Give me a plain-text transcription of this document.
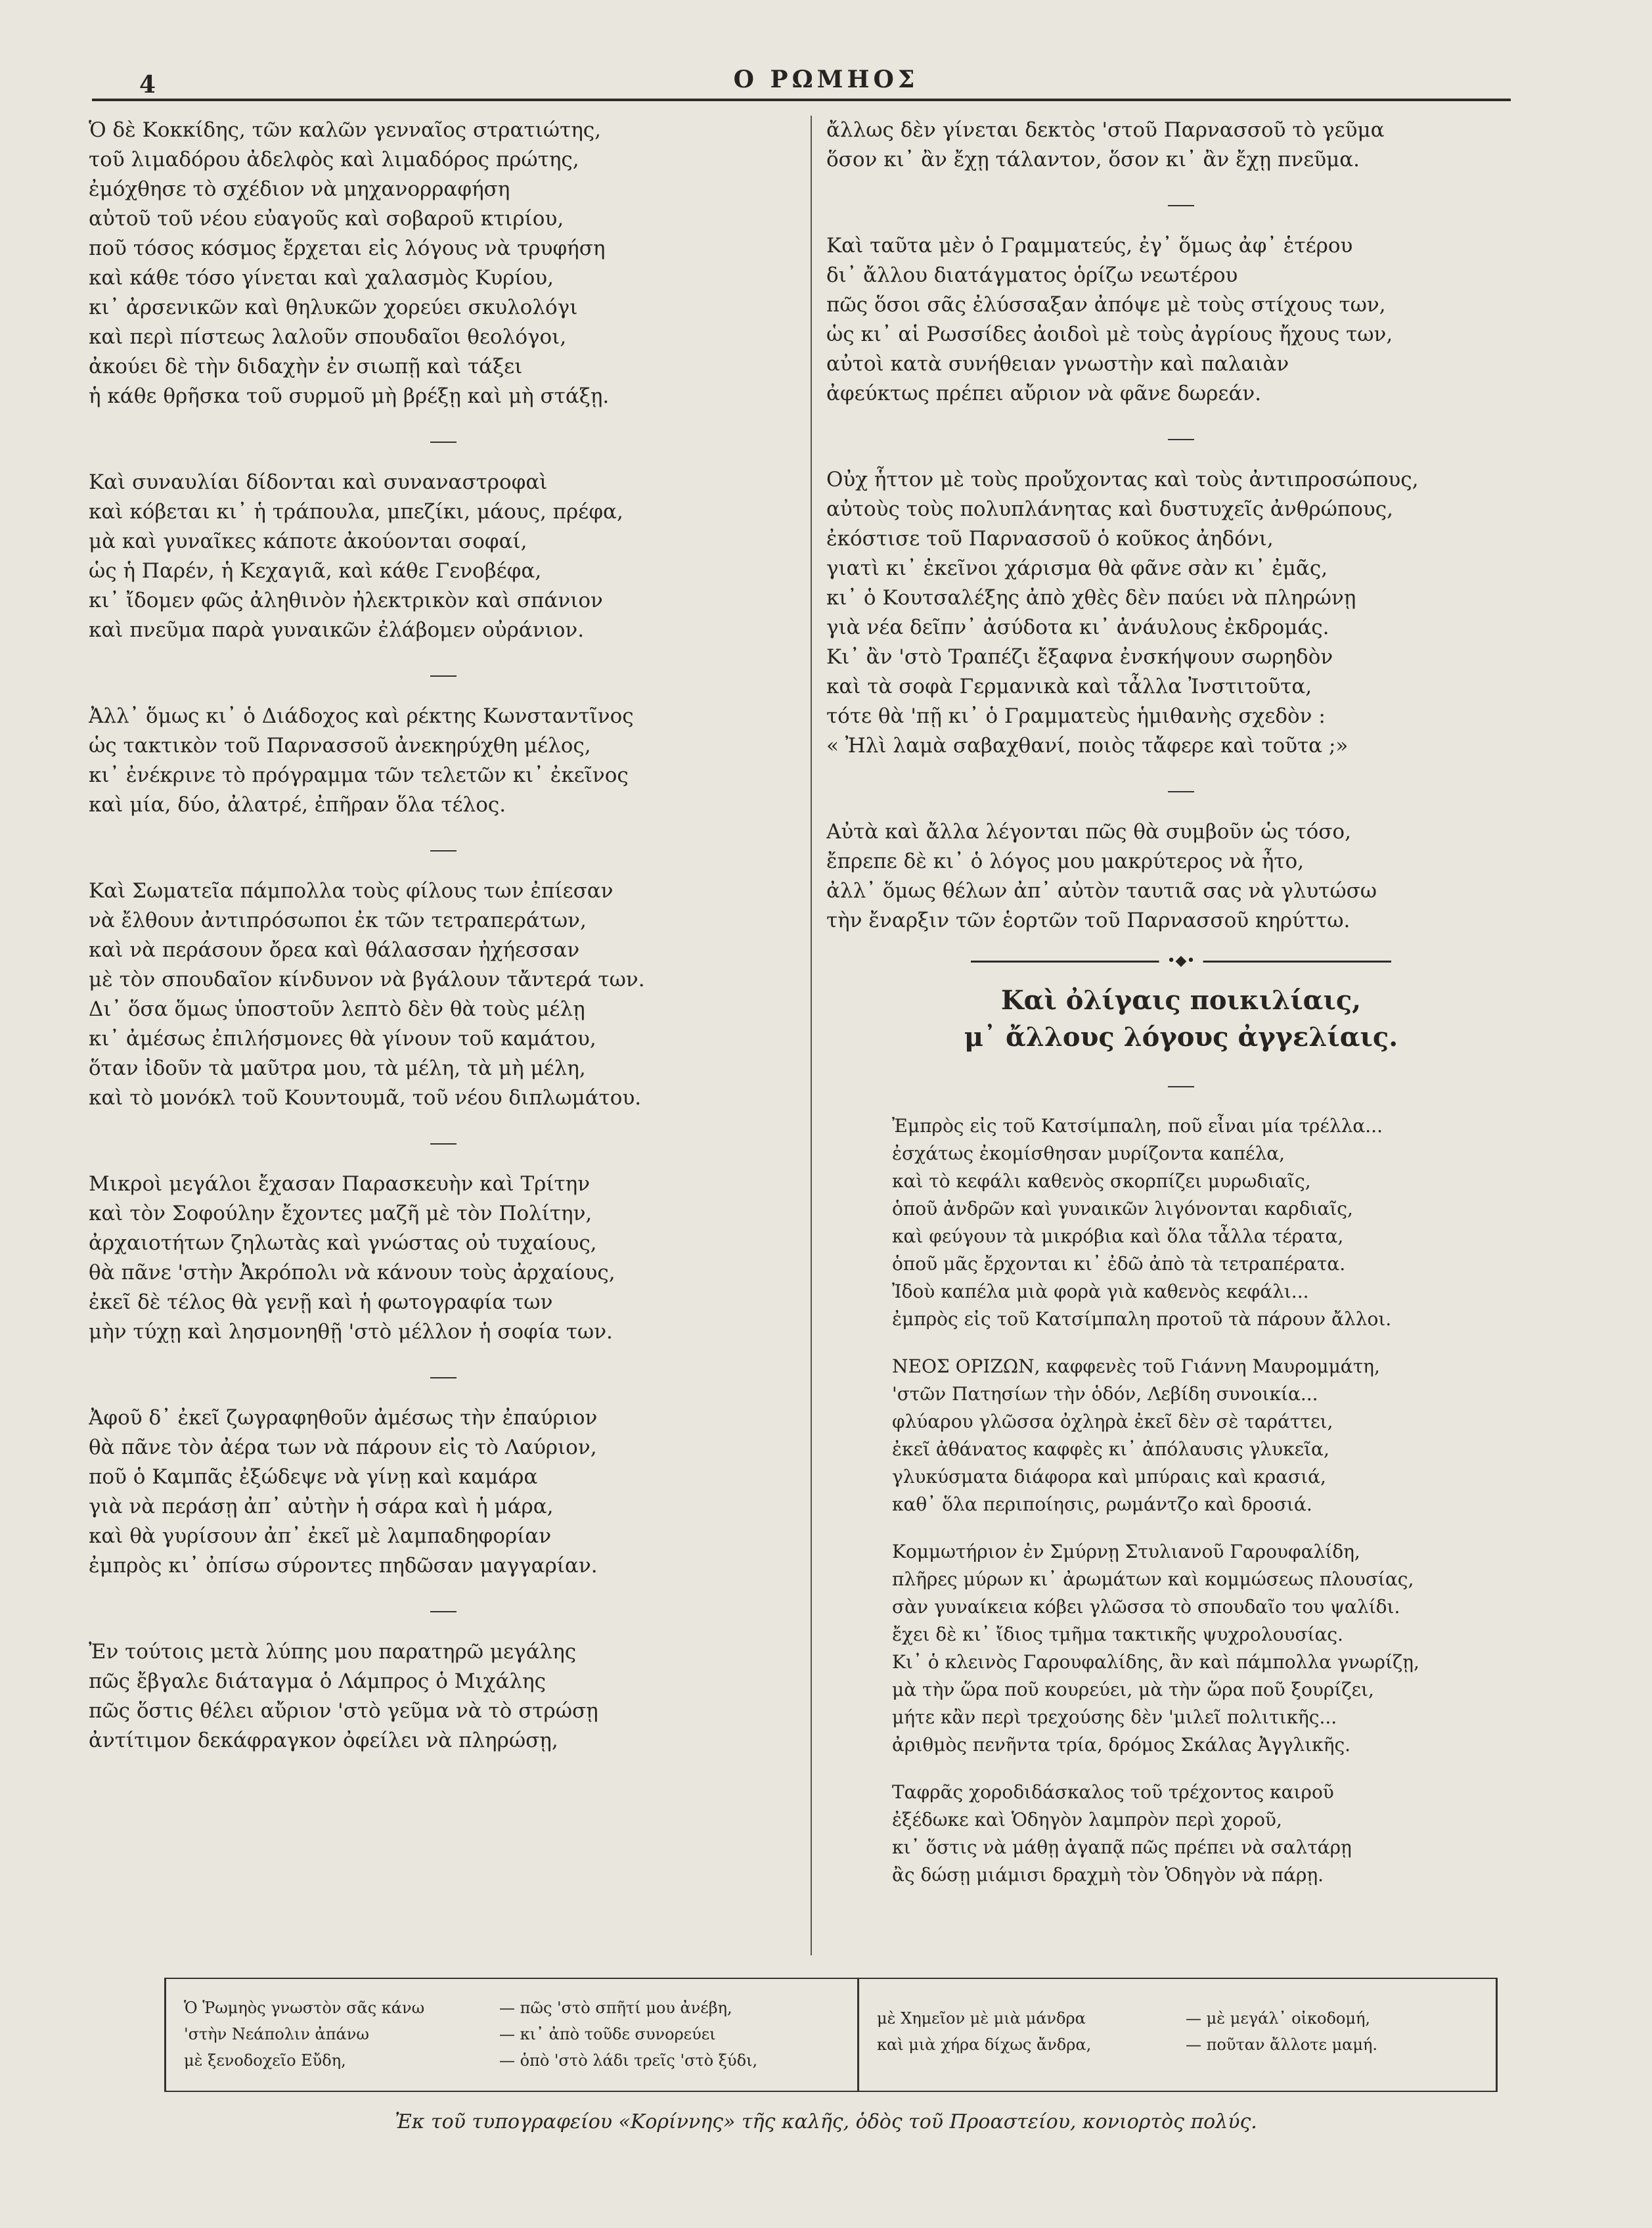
4	Ο ΡΩΜΗΟΣ
Ὁ δὲ Κοκκίδης, τῶν καλῶν γενναῖος στρατιώτης,
τοῦ λιμαδόρου ἀδελφὸς καὶ λιμαδόρος πρώτης,
ἐμόχθησε τὸ σχέδιον νὰ μηχανορραφήση
αὐτοῦ τοῦ νέου εὐαγοῦς καὶ σοβαροῦ κτιρίου,
ποῦ τόσος κόσμος ἔρχεται εἰς λόγους νὰ τρυφήση
καὶ κάθε τόσο γίνεται καὶ χαλασμὸς Κυρίου,
κι᾽ ἀρσενικῶν καὶ θηλυκῶν χορεύει σκυλολόγι
καὶ περὶ πίστεως λαλοῦν σπουδαῖοι θεολόγοι,
ἀκούει δὲ τὴν διδαχὴν ἐν σιωπῇ καὶ τάξει
ἡ κάθε θρῆσκα τοῦ συρμοῦ μὴ βρέξῃ καὶ μὴ στάξῃ.
Καὶ συναυλίαι δίδονται καὶ συναναστροφαὶ
καὶ κόβεται κι᾽ ἡ τράπουλα, μπεζίκι, μάους, πρέφα,
μὰ καὶ γυναῖκες κάποτε ἀκούονται σοφαί,
ὡς ἡ Παρέν, ἡ Κεχαγιᾶ, καὶ κάθε Γενοβέφα,
κι᾽ ἴδομεν φῶς ἀληθινὸν ἠλεκτρικὸν καὶ σπάνιον
καὶ πνεῦμα παρὰ γυναικῶν ἐλάβομεν οὐράνιον.
Ἀλλ᾽ ὅμως κι᾽ ὁ Διάδοχος καὶ ρέκτης Κωνσταντῖνος
ὡς τακτικὸν τοῦ Παρνασσοῦ ἀνεκηρύχθη μέλος,
κι᾽ ἐνέκρινε τὸ πρόγραμμα τῶν τελετῶν κι᾽ ἐκεῖνος
καὶ μία, δύο, ἀλατρέ, ἐπῆραν ὅλα τέλος.
Καὶ Σωματεῖα πάμπολλα τοὺς φίλους των ἐπίεσαν
νὰ ἔλθουν ἀντιπρόσωποι ἐκ τῶν τετραπεράτων,
καὶ νὰ περάσουν ὄρεα καὶ θάλασσαν ἠχήεσσαν
μὲ τὸν σπουδαῖον κίνδυνον νὰ βγάλουν τἄντερά των.
Δι᾽ ὅσα ὅμως ὑποστοῦν λεπτὸ δὲν θὰ τοὺς μέλῃ
κι᾽ ἀμέσως ἐπιλήσμονες θὰ γίνουν τοῦ καμάτου,
ὅταν ἰδοῦν τὰ μαῦτρα μου, τὰ μέλη, τὰ μὴ μέλη,
καὶ τὸ μονόκλ τοῦ Κουντουμᾶ, τοῦ νέου διπλωμάτου.
Μικροὶ μεγάλοι ἔχασαν Παρασκευὴν καὶ Τρίτην
καὶ τὸν Σοφούλην ἔχοντες μαζῆ μὲ τὸν Πολίτην,
ἀρχαιοτήτων ζηλωτὰς καὶ γνώστας οὐ τυχαίους,
θὰ πᾶνε 'στὴν Ἀκρόπολι νὰ κάνουν τοὺς ἀρχαίους,
ἐκεῖ δὲ τέλος θὰ γενῇ καὶ ἡ φωτογραφία των
μὴν τύχῃ καὶ λησμονηθῇ 'στὸ μέλλον ἡ σοφία των.
Ἀφοῦ δ᾽ ἐκεῖ ζωγραφηθοῦν ἀμέσως τὴν ἐπαύριον
θὰ πᾶνε τὸν ἀέρα των νὰ πάρουν εἰς τὸ Λαύριον,
ποῦ ὁ Καμπᾶς ἐξώδεψε νὰ γίνῃ καὶ καμάρα
γιὰ νὰ περάσῃ ἀπ᾽ αὐτὴν ἡ σάρα καὶ ἡ μάρα,
καὶ θὰ γυρίσουν ἀπ᾽ ἐκεῖ μὲ λαμπαδηφορίαν
ἐμπρὸς κι᾽ ὀπίσω σύροντες πηδῶσαν μαγγαρίαν.
Ἐν τούτοις μετὰ λύπης μου παρατηρῶ μεγάλης
πῶς ἔβγαλε διάταγμα ὁ Λάμπρος ὁ Μιχάλης
πῶς ὅστις θέλει αὔριον 'στὸ γεῦμα νὰ τὸ στρώσῃ
ἀντίτιμον δεκάφραγκον ὀφείλει νὰ πληρώσῃ,
ἄλλως δὲν γίνεται δεκτὸς 'στοῦ Παρνασσοῦ τὸ γεῦμα
ὅσον κι᾽ ἂν ἔχῃ τάλαντον, ὅσον κι᾽ ἂν ἔχῃ πνεῦμα.
Καὶ ταῦτα μὲν ὁ Γραμματεύς, ἐγ᾽ ὅμως ἀφ᾽ ἑτέρου
δι᾽ ἄλλου διατάγματος ὁρίζω νεωτέρου
πῶς ὅσοι σᾶς ἐλύσσαξαν ἀπόψε μὲ τοὺς στίχους των,
ὡς κι᾽ αἱ Ρωσσίδες ἀοιδοὶ μὲ τοὺς ἀγρίους ἤχους των,
αὐτοὶ κατὰ συνήθειαν γνωστὴν καὶ παλαιὰν
ἀφεύκτως πρέπει αὔριον νὰ φᾶνε δωρεάν.
Οὐχ ἧττον μὲ τοὺς προὔχοντας καὶ τοὺς ἀντιπροσώπους,
αὐτοὺς τοὺς πολυπλάνητας καὶ δυστυχεῖς ἀνθρώπους,
ἐκόστισε τοῦ Παρνασσοῦ ὁ κοῦκος ἀηδόνι,
γιατὶ κι᾽ ἐκεῖνοι χάρισμα θὰ φᾶνε σὰν κι᾽ ἐμᾶς,
κι᾽ ὁ Κουτσαλέξης ἀπὸ χθὲς δὲν παύει νὰ πληρώνῃ
γιὰ νέα δεῖπν᾽ ἀσύδοτα κι᾽ ἀνάυλους ἐκδρομάς.
Κι᾽ ἂν 'στὸ Τραπέζι ἔξαφνα ἐνσκήψουν σωρηδὸν
καὶ τὰ σοφὰ Γερμανικὰ καὶ τἆλλα Ἰνστιτοῦτα,
τότε θὰ 'πῇ κι᾽ ὁ Γραμματεὺς ἡμιθανὴς σχεδὸν :
« Ἠλὶ λαμὰ σαβαχθανί, ποιὸς τἄφερε καὶ τοῦτα ;»
Αὐτὰ καὶ ἄλλα λέγονται πῶς θὰ συμβοῦν ὡς τόσο,
ἔπρεπε δὲ κι᾽ ὁ λόγος μου μακρύτερος νὰ ἦτο,
ἀλλ᾽ ὅμως θέλων ἀπ᾽ αὐτὸν ταυτιᾶ σας νὰ γλυτώσω
τὴν ἔναρξιν τῶν ἑορτῶν τοῦ Παρνασσοῦ κηρύττω.
•◆•
Καὶ ὀλίγαις ποικιλίαις,
μ᾽ ἄλλους λόγους ἀγγελίαις.
Ἐμπρὸς εἰς τοῦ Κατσίμπαλη, ποῦ εἶναι μία τρέλλα...
ἐσχάτως ἐκομίσθησαν μυρίζοντα καπέλα,
καὶ τὸ κεφάλι καθενὸς σκορπίζει μυρωδιαῖς,
ὁποῦ ἀνδρῶν καὶ γυναικῶν λιγόνονται καρδιαῖς,
καὶ φεύγουν τὰ μικρόβια καὶ ὅλα τἆλλα τέρατα,
ὁποῦ μᾶς ἔρχονται κι᾽ ἐδῶ ἀπὸ τὰ τετραπέρατα.
Ἰδοὺ καπέλα μιὰ φορὰ γιὰ καθενὸς κεφάλι...
ἐμπρὸς εἰς τοῦ Κατσίμπαλη προτοῦ τὰ πάρουν ἄλλοι.
ΝΕΟΣ ΟΡΙΖΩΝ, καφφενὲς τοῦ Γιάννη Μαυρομμάτη,
'στῶν Πατησίων τὴν ὁδόν, Λεβίδη συνοικία...
φλύαρου γλῶσσα ὀχληρὰ ἐκεῖ δὲν σὲ ταράττει,
ἐκεῖ ἀθάνατος καφφὲς κι᾽ ἀπόλαυσις γλυκεῖα,
γλυκύσματα διάφορα καὶ μπύραις καὶ κρασιά,
καθ᾽ ὅλα περιποίησις, ρωμάντζο καὶ δροσιά.
Κομμωτήριον ἐν Σμύρνῃ Στυλιανοῦ Γαρουφαλίδη,
πλῆρες μύρων κι᾽ ἀρωμάτων καὶ κομμώσεως πλουσίας,
σὰν γυναίκεια κόβει γλῶσσα τὸ σπουδαῖο του ψαλίδι.
ἔχει δὲ κι᾽ ἴδιος τμῆμα τακτικῆς ψυχρολουσίας.
Κι᾽ ὁ κλεινὸς Γαρουφαλίδης, ἂν καὶ πάμπολλα γνωρίζῃ,
μὰ τὴν ὥρα ποῦ κουρεύει, μὰ τὴν ὥρα ποῦ ξουρίζει,
μήτε κἂν περὶ τρεχούσης δὲν 'μιλεῖ πολιτικῆς...
ἀριθμὸς πενῆντα τρία, δρόμος Σκάλας Ἀγγλικῆς.
Ταφρᾶς χοροδιδάσκαλος τοῦ τρέχοντος καιροῦ
ἐξέδωκε καὶ Ὁδηγὸν λαμπρὸν περὶ χοροῦ,
κι᾽ ὅστις νὰ μάθῃ ἀγαπᾷ πῶς πρέπει νὰ σαλτάρῃ
ἂς δώσῃ μιάμισι δραχμὴ τὸν Ὁδηγὸν νὰ πάρῃ.
Ὁ Ῥωμηὸς γνωστὸν σᾶς κάνω	— πῶς 'στὸ σπῆτί μου ἀνέβη,
'στὴν Νεάπολιν ἀπάνω	— κι᾽ ἀπὸ τοῦδε συνορεύει
μὲ ξενοδοχεῖο Εὔδη,	— ὁπὸ 'στὸ λάδι τρεῖς 'στὸ ξύδι,
μὲ Χημεῖον μὲ μιὰ μάνδρα	— μὲ μεγάλ᾽ οἰκοδομή,
καὶ μιὰ χήρα δίχως ἄνδρα,	— ποῦταν ἄλλοτε μαμή.
Ἐκ τοῦ τυπογραφείου «Κορίννης» τῆς καλῆς, ὁδὸς τοῦ Προαστείου, κονιορτὸς πολύς.
